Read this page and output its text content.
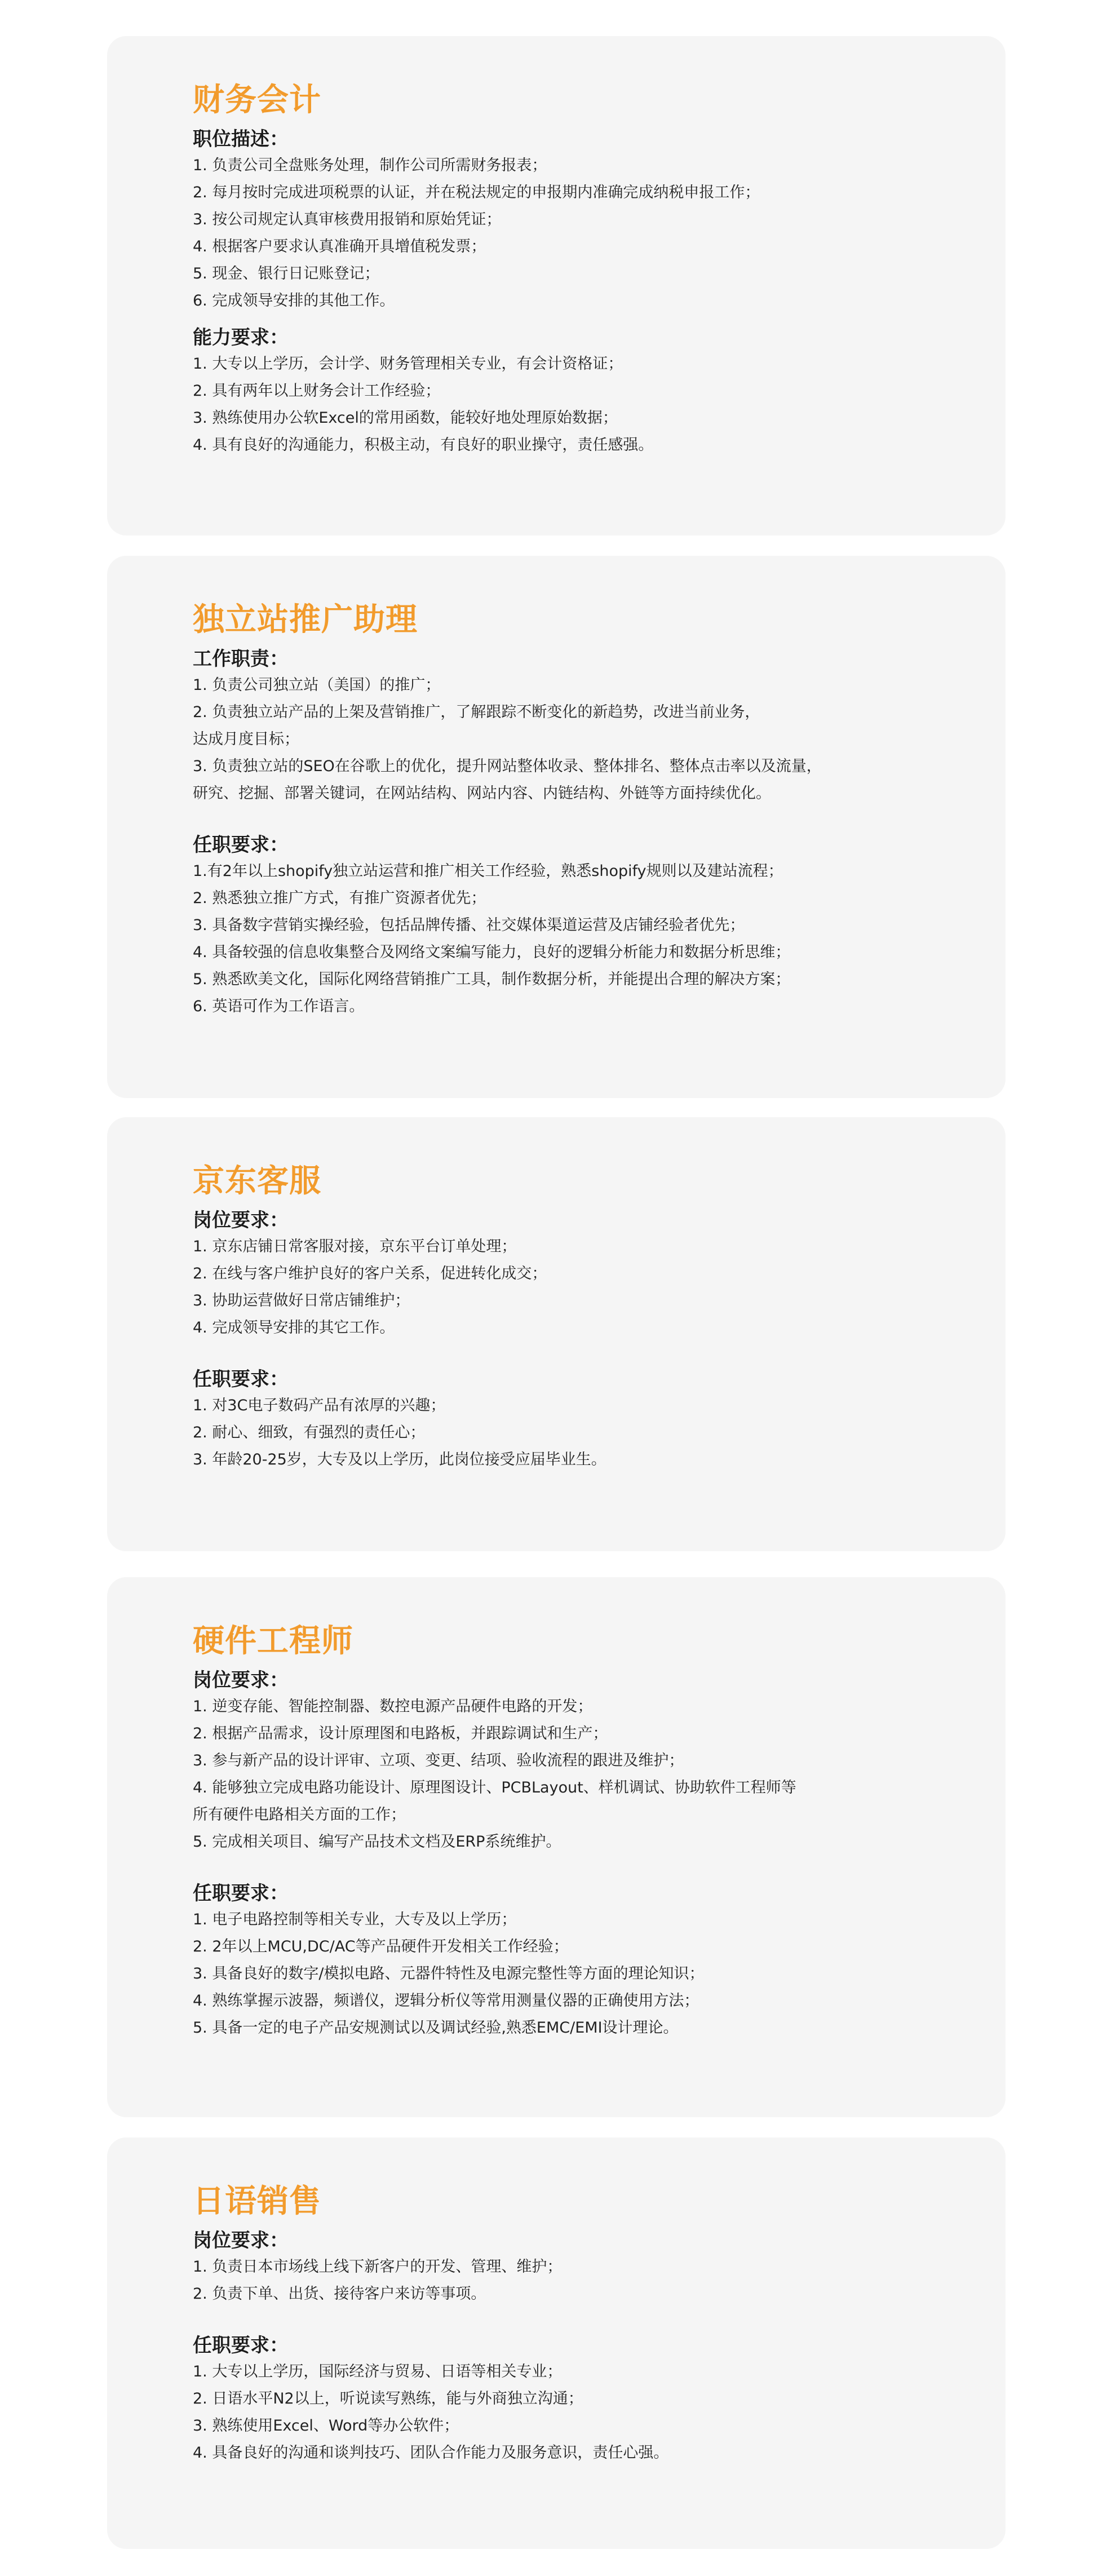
财务会计
职位描述：
1. 负责公司全盘账务处理，制作公司所需财务报表；
2. 每月按时完成进项税票的认证，并在税法规定的申报期内准确完成纳税申报工作；
3. 按公司规定认真审核费用报销和原始凭证；
4. 根据客户要求认真准确开具增值税发票；
5. 现金、银行日记账登记；
6. 完成领导安排的其他工作。
能力要求：
1. 大专以上学历，会计学、财务管理相关专业，有会计资格证；
2. 具有两年以上财务会计工作经验；
3. 熟练使用办公软Excel的常用函数，能较好地处理原始数据；
4. 具有良好的沟通能力，积极主动，有良好的职业操守，责任感强。
独立站推广助理
工作职责：
1. 负责公司独立站（美国）的推广；
2. 负责独立站产品的上架及营销推广，了解跟踪不断变化的新趋势，改进当前业务，
达成月度目标；
3. 负责独立站的SEO在谷歌上的优化，提升网站整体收录、整体排名、整体点击率以及流量，
研究、挖掘、部署关键词，在网站结构、网站内容、内链结构、外链等方面持续优化。
任职要求：
1.有2年以上shopify独立站运营和推广相关工作经验，熟悉shopify规则以及建站流程；
2. 熟悉独立推广方式，有推广资源者优先；
3. 具备数字营销实操经验，包括品牌传播、社交媒体渠道运营及店铺经验者优先；
4. 具备较强的信息收集整合及网络文案编写能力，良好的逻辑分析能力和数据分析思维；
5. 熟悉欧美文化，国际化网络营销推广工具，制作数据分析，并能提出合理的解决方案；
6. 英语可作为工作语言。
京东客服
岗位要求：
1. 京东店铺日常客服对接，京东平台订单处理；
2. 在线与客户维护良好的客户关系，促进转化成交；
3. 协助运营做好日常店铺维护；
4. 完成领导安排的其它工作。
任职要求：
1. 对3C电子数码产品有浓厚的兴趣；
2. 耐心、细致，有强烈的责任心；
3. 年龄20-25岁，大专及以上学历，此岗位接受应届毕业生。
硬件工程师
岗位要求：
1. 逆变存能、智能控制器、数控电源产品硬件电路的开发；
2. 根据产品需求，设计原理图和电路板，并跟踪调试和生产；
3. 参与新产品的设计评审、立项、变更、结项、验收流程的跟进及维护；
4. 能够独立完成电路功能设计、原理图设计、PCBLayout、样机调试、协助软件工程师等
所有硬件电路相关方面的工作；
5. 完成相关项目、编写产品技术文档及ERP系统维护。
任职要求：
1. 电子电路控制等相关专业，大专及以上学历；
2. 2年以上MCU,DC/AC等产品硬件开发相关工作经验；
3. 具备良好的数字/模拟电路、元器件特性及电源完整性等方面的理论知识；
4. 熟练掌握示波器，频谱仪，逻辑分析仪等常用测量仪器的正确使用方法；
5. 具备一定的电子产品安规测试以及调试经验,熟悉EMC/EMI设计理论。
日语销售
岗位要求：
1. 负责日本市场线上线下新客户的开发、管理、维护；
2. 负责下单、出货、接待客户来访等事项。
任职要求：
1. 大专以上学历，国际经济与贸易、日语等相关专业；
2. 日语水平N2以上，听说读写熟练，能与外商独立沟通；
3. 熟练使用Excel、Word等办公软件；
4. 具备良好的沟通和谈判技巧、团队合作能力及服务意识，责任心强。
